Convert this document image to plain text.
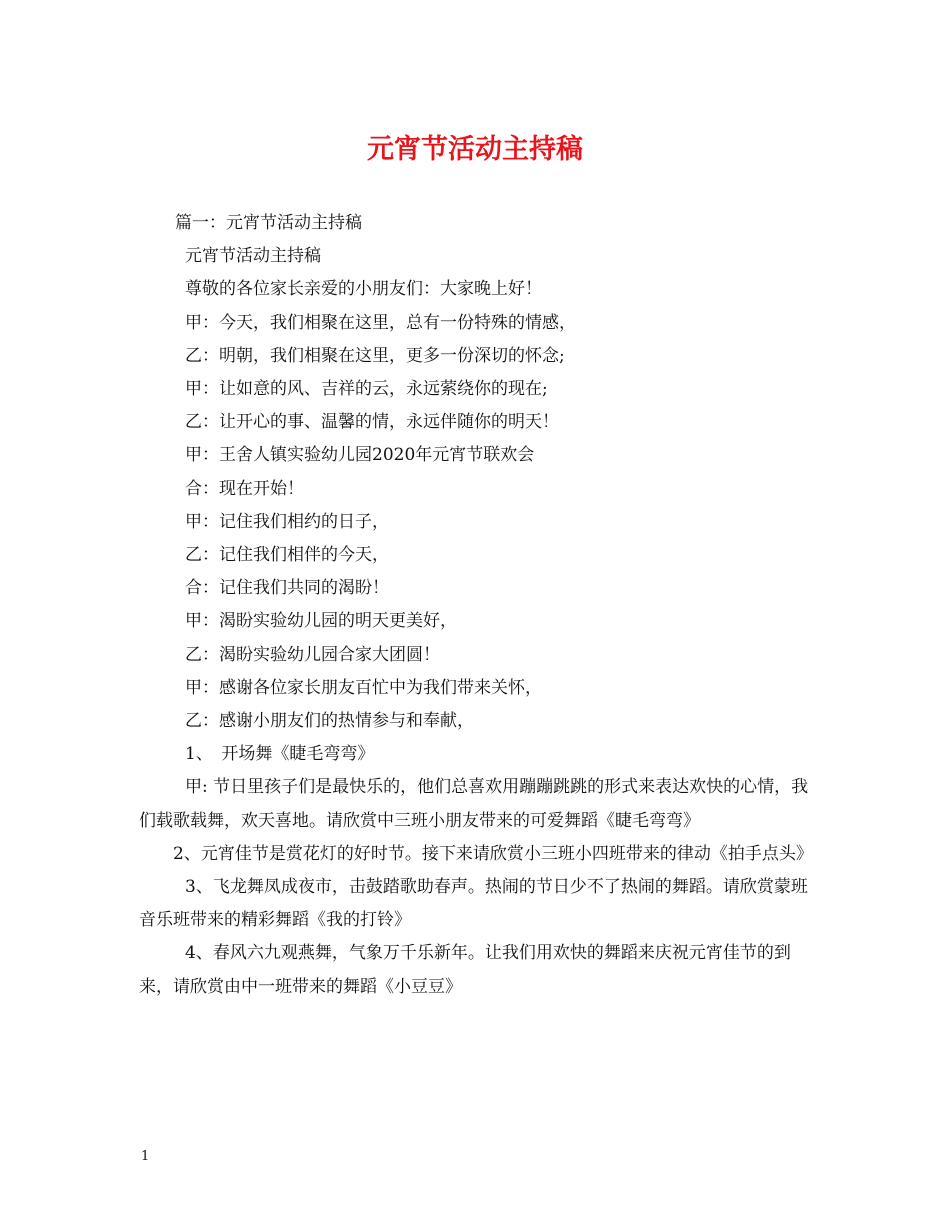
元宵节活动主持稿

篇一：元宵节活动主持稿

元宵节活动主持稿

尊敬的各位家长亲爱的小朋友们：大家晚上好！

甲：今天，我们相聚在这里，总有一份特殊的情感，

乙：明朝，我们相聚在这里，更多一份深切的怀念;

甲：让如意的风、吉祥的云，永远萦绕你的现在;

乙：让开心的事、温馨的情，永远伴随你的明天！

甲：王舍人镇实验幼儿园2020年元宵节联欢会

合：现在开始！

甲：记住我们相约的日子，

乙：记住我们相伴的今天，

合：记住我们共同的渴盼！

甲：渴盼实验幼儿园的明天更美好，

乙：渴盼实验幼儿园合家大团圆！

甲：感谢各位家长朋友百忙中为我们带来关怀，

乙：感谢小朋友们的热情参与和奉献，

1、　开场舞《睫毛弯弯》

甲: 节日里孩子们是最快乐的，他们总喜欢用蹦蹦跳跳的形式来表达欢快的心情，我们载歌载舞，欢天喜地。请欣赏中三班小朋友带来的可爱舞蹈《睫毛弯弯》

2、元宵佳节是赏花灯的好时节。接下来请欣赏小三班小四班带来的律动《拍手点头》

3、飞龙舞凤成夜市，击鼓踏歌助春声。热闹的节日少不了热闹的舞蹈。请欣赏蒙班音乐班带来的精彩舞蹈《我的打铃》

4、春风六九观燕舞，气象万千乐新年。让我们用欢快的舞蹈来庆祝元宵佳节的到来，请欣赏由中一班带来的舞蹈《小豆豆》

1
